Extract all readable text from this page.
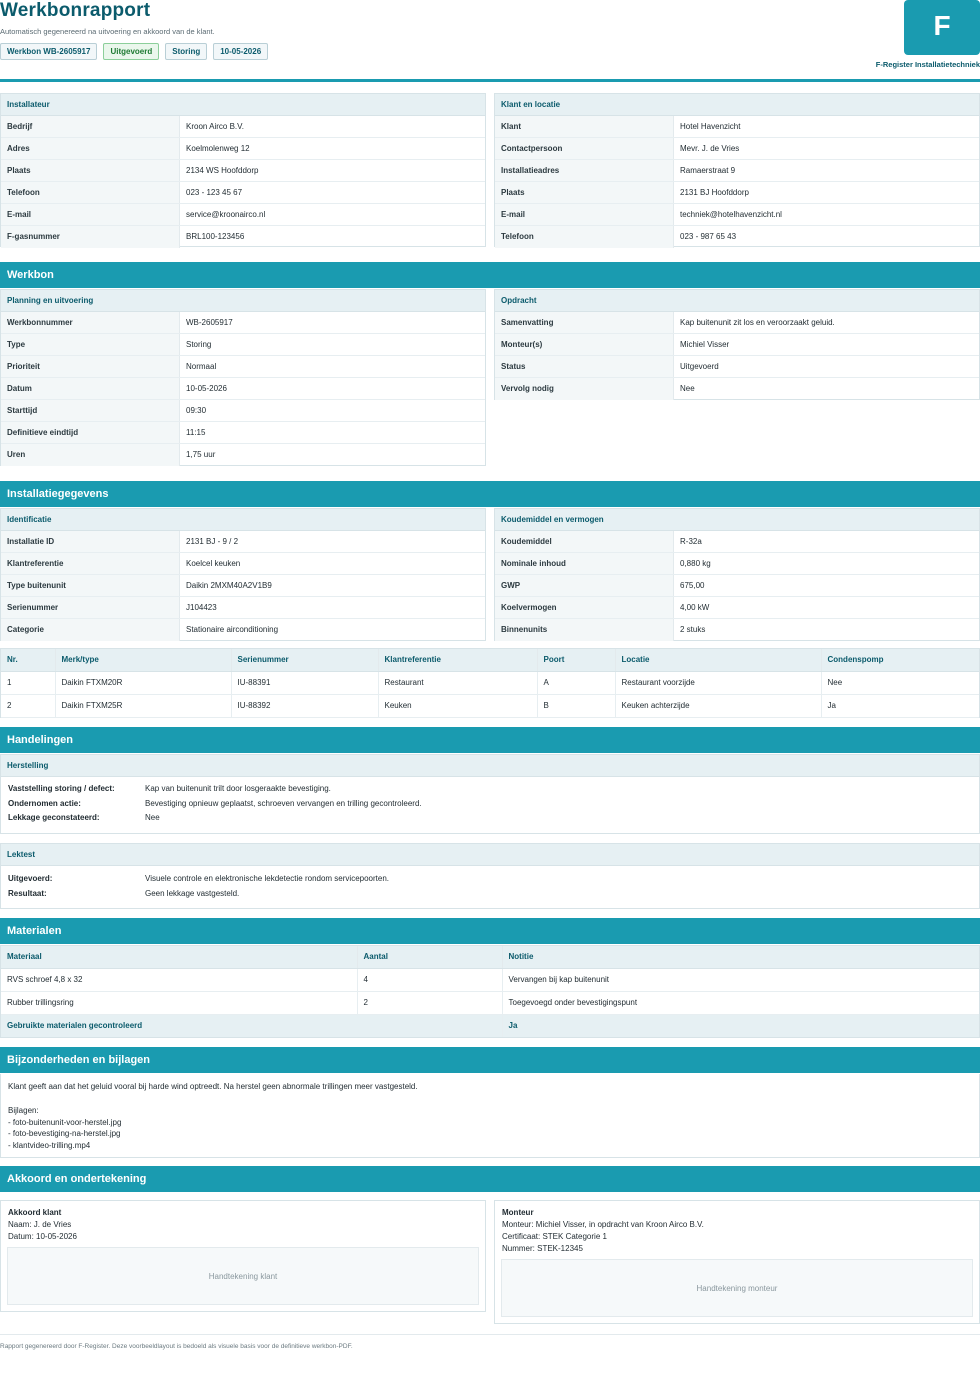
Werkbonrapport
Automatisch gegenereerd na uitvoering en akkoord van de klant.
Werkbon WB-2605917	Uitgevoerd	Storing	10-05-2026
F
F-Register Installatietechniek
Installateur
Bedrijf	Kroon Airco B.V.
Adres	Koelmolenweg 12
Plaats	2134 WS Hoofddorp
Telefoon	023 - 123 45 67
E-mail	service@kroonairco.nl
F-gasnummer	BRL100-123456
Klant en locatie
Klant	Hotel Havenzicht
Contactpersoon	Mevr. J. de Vries
Installatieadres	Ramaerstraat 9
Plaats	2131 BJ Hoofddorp
E-mail	techniek@hotelhavenzicht.nl
Telefoon	023 - 987 65 43
Werkbon
Planning en uitvoering
Werkbonnummer	WB-2605917
Type	Storing
Prioriteit	Normaal
Datum	10-05-2026
Starttijd	09:30
Definitieve eindtijd	11:15
Uren	1,75 uur
Opdracht
Samenvatting	Kap buitenunit zit los en veroorzaakt geluid.
Monteur(s)	Michiel Visser
Status	Uitgevoerd
Vervolg nodig	Nee
Installatiegegevens
Identificatie
Installatie ID	2131 BJ - 9 / 2
Klantreferentie	Koelcel keuken
Type buitenunit	Daikin 2MXM40A2V1B9
Serienummer	J104423
Categorie	Stationaire airconditioning
Koudemiddel en vermogen
Koudemiddel	R-32a
Nominale inhoud	0,880 kg
GWP	675,00
Koelvermogen	4,00 kW
Binnenunits	2 stuks
Nr.	Merk/type	Serienummer	Klantreferentie	Poort	Locatie	Condenspomp
1	Daikin FTXM20R	IU-88391	Restaurant	A	Restaurant voorzijde	Nee
2	Daikin FTXM25R	IU-88392	Keuken	B	Keuken achterzijde	Ja
Handelingen
Herstelling
Vaststelling storing / defect:	Kap van buitenunit trilt door losgeraakte bevestiging.
Ondernomen actie:	Bevestiging opnieuw geplaatst, schroeven vervangen en trilling gecontroleerd.
Lekkage geconstateerd:	Nee
Lektest
Uitgevoerd:	Visuele controle en elektronische lekdetectie rondom servicepoorten.
Resultaat:	Geen lekkage vastgesteld.
Materialen
Materiaal	Aantal	Notitie
RVS schroef 4,8 x 32	4	Vervangen bij kap buitenunit
Rubber trillingsring	2	Toegevoegd onder bevestigingspunt
Gebruikte materialen gecontroleerd		Ja
Bijzonderheden en bijlagen
Klant geeft aan dat het geluid vooral bij harde wind optreedt. Na herstel geen abnormale trillingen meer vastgesteld.
Bijlagen:
- foto-buitenunit-voor-herstel.jpg
- foto-bevestiging-na-herstel.jpg
- klantvideo-trilling.mp4
Akkoord en ondertekening
Akkoord klant
Naam: J. de Vries
Datum: 10-05-2026
Handtekening klant
Monteur
Monteur: Michiel Visser, in opdracht van Kroon Airco B.V.
Certificaat: STEK Categorie 1
Nummer: STEK-12345
Handtekening monteur
Rapport gegenereerd door F-Register. Deze voorbeeldlayout is bedoeld als visuele basis voor de definitieve werkbon-PDF.
